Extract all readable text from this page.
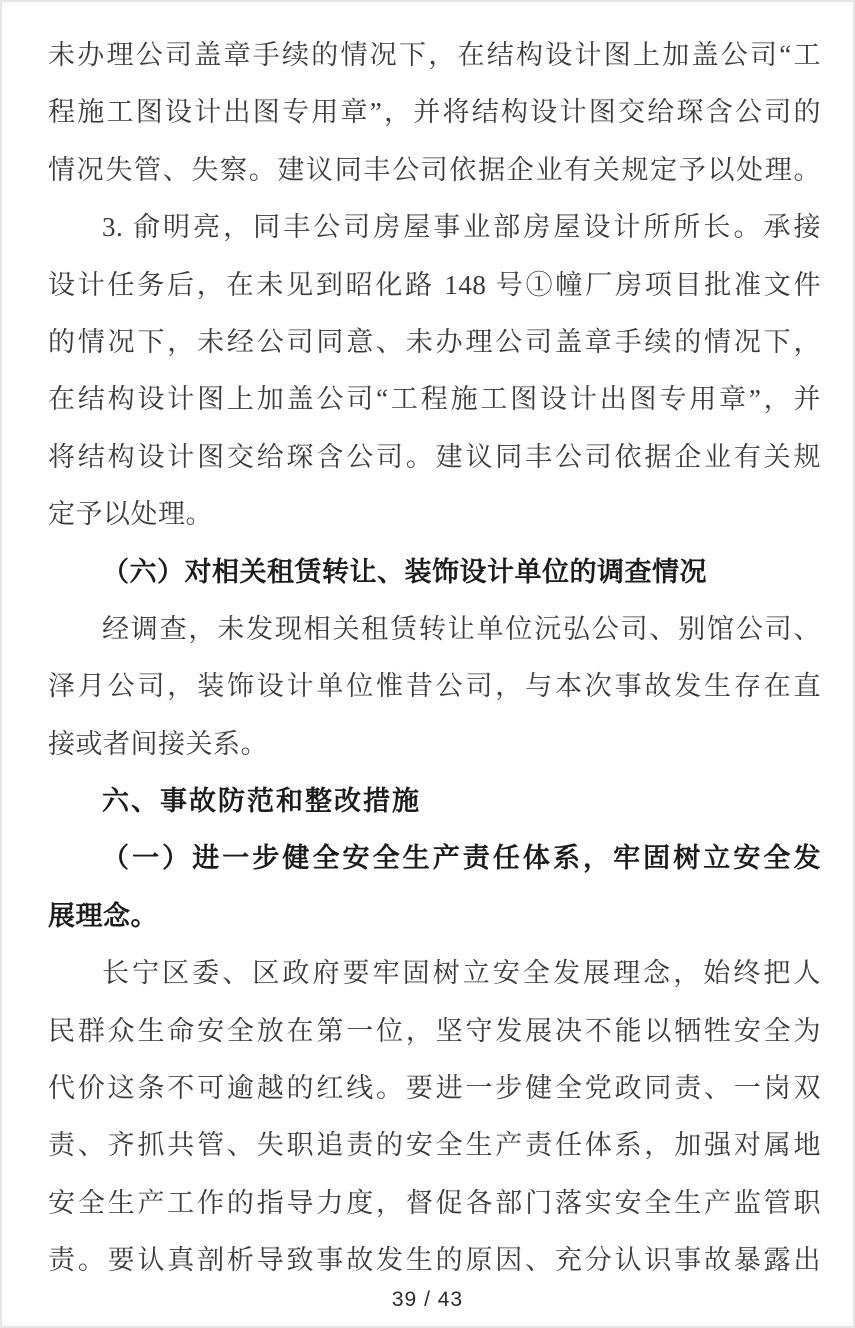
未办理公司盖章手续的情况下，在结构设计图上加盖公司“工
程施工图设计出图专用章”，并将结构设计图交给琛含公司的
情况失管、失察。建议同丰公司依据企业有关规定予以处理。
3. 俞明亮，同丰公司房屋事业部房屋设计所所长。承接
设计任务后，在未见到昭化路 148 号①幢厂房项目批准文件
的情况下，未经公司同意、未办理公司盖章手续的情况下，
在结构设计图上加盖公司“工程施工图设计出图专用章”，并
将结构设计图交给琛含公司。建议同丰公司依据企业有关规
定予以处理。
（六）对相关租赁转让、装饰设计单位的调查情况
经调查，未发现相关租赁转让单位沅弘公司、别馆公司、
泽月公司，装饰设计单位惟昔公司，与本次事故发生存在直
接或者间接关系。
六、事故防范和整改措施
（一）进一步健全安全生产责任体系，牢固树立安全发
展理念。
长宁区委、区政府要牢固树立安全发展理念，始终把人
民群众生命安全放在第一位，坚守发展决不能以牺牲安全为
代价这条不可逾越的红线。要进一步健全党政同责、一岗双
责、齐抓共管、失职追责的安全生产责任体系，加强对属地
安全生产工作的指导力度，督促各部门落实安全生产监管职
责。要认真剖析导致事故发生的原因、充分认识事故暴露出
39 / 43
